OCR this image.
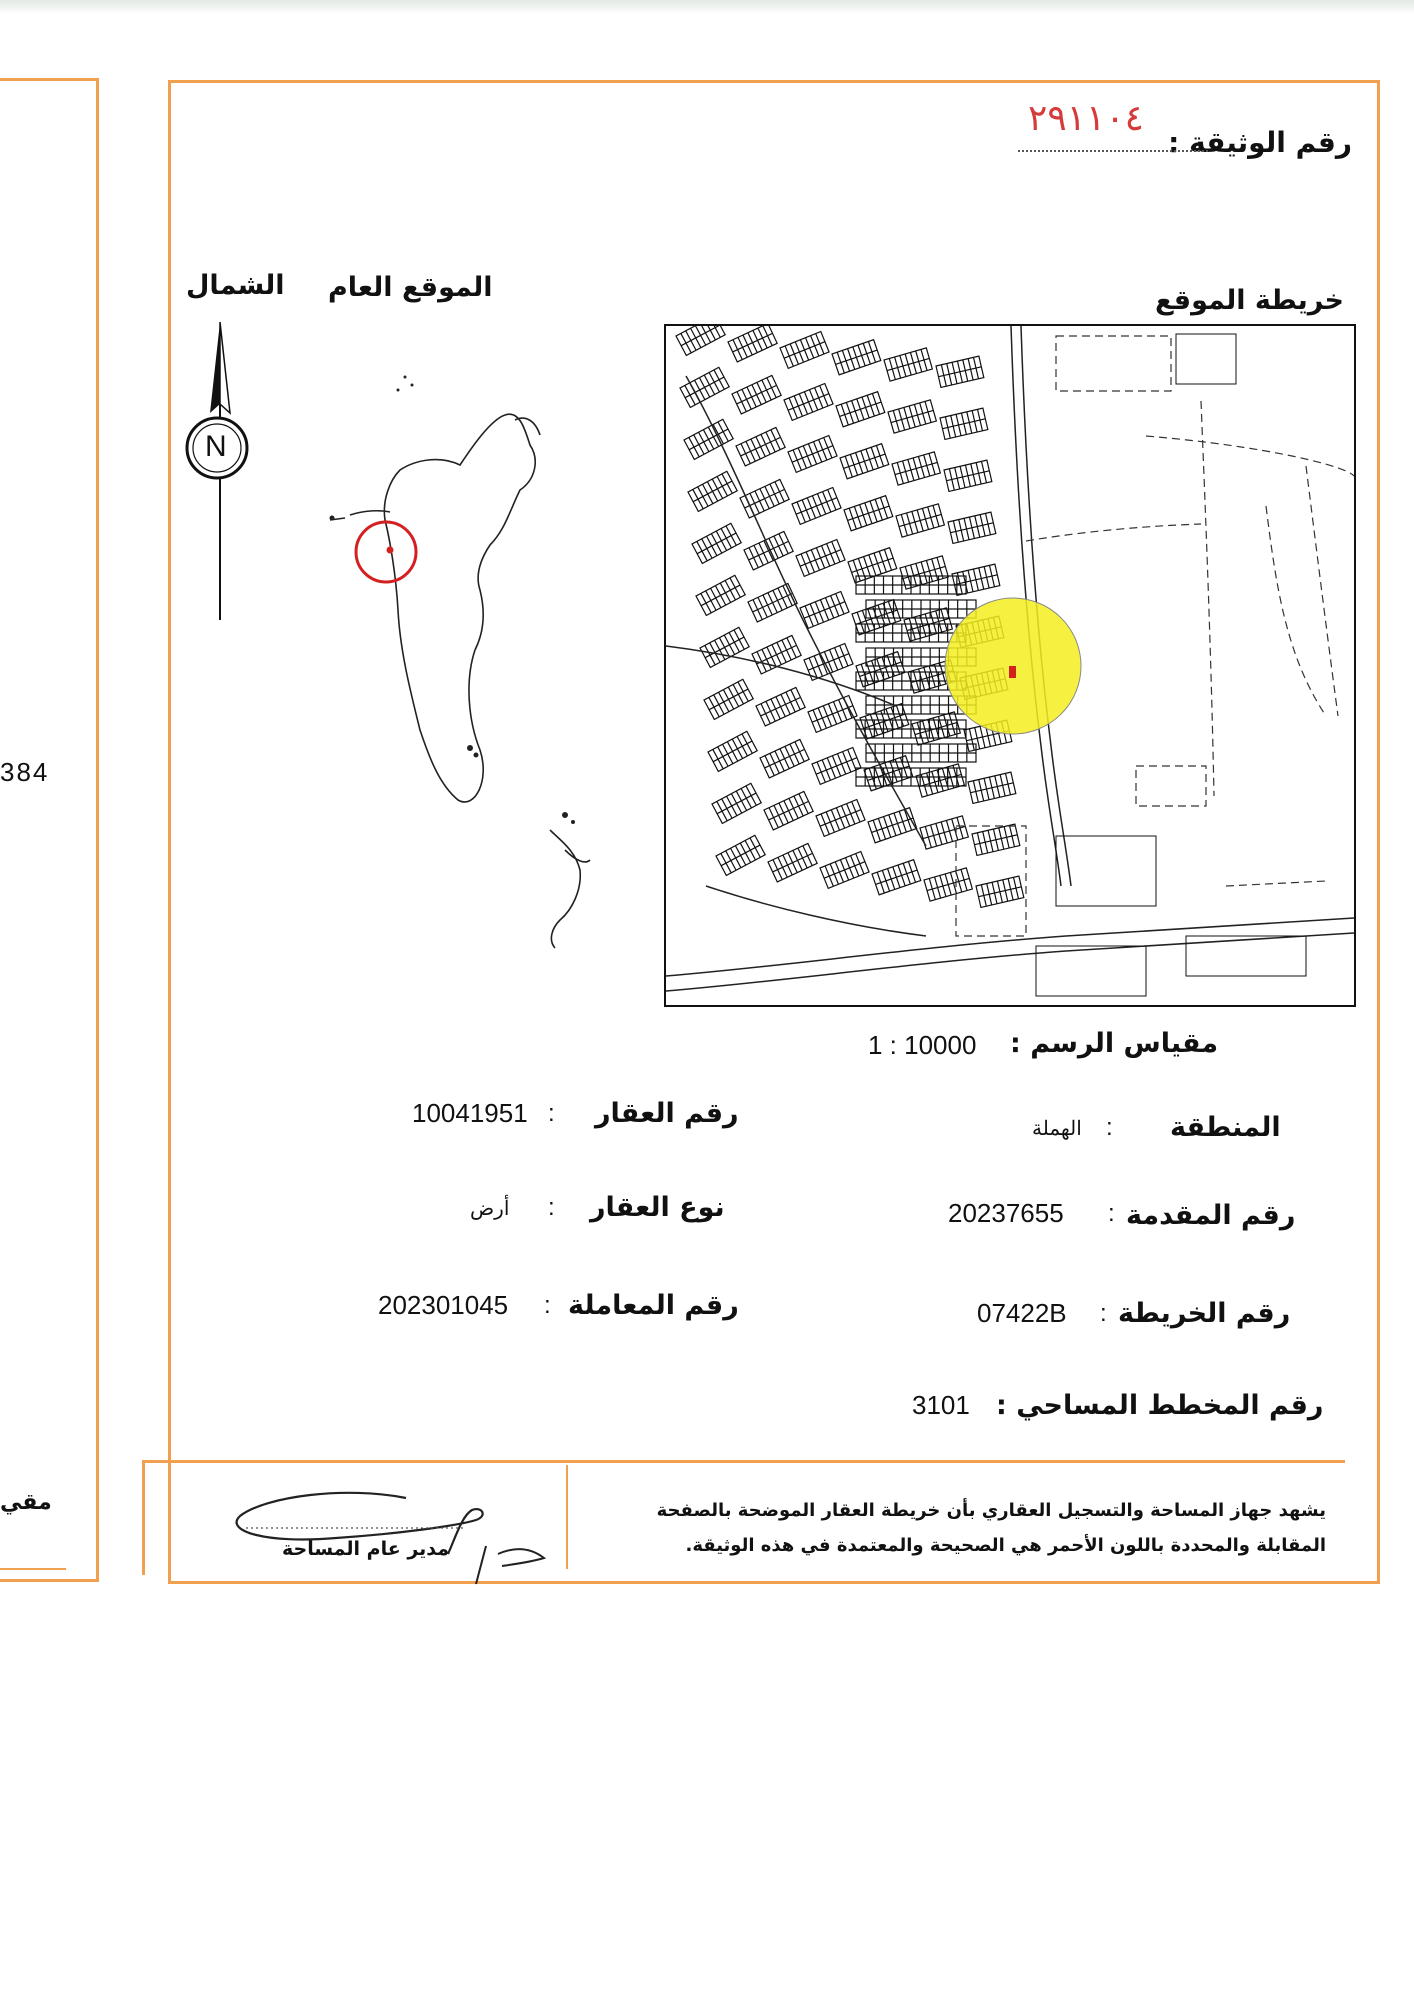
384
مقي
رقم الوثيقة :
٢٩١١٠٤
خريطة الموقع
الموقع العام
الشمال
N
مقياس الرسم :
1 : 10000
رقم العقار
:
10041951	المنطقة
:
الهملة
نوع العقار
:
أرض	رقم المقدمة
:
20237655
رقم المعاملة
:
202301045	رقم الخريطة
:
07422B
رقم المخطط المساحي :
3101
يشهد جهاز المساحة والتسجيل العقاري بأن خريطة العقار الموضحة بالصفحة
المقابلة والمحددة باللون الأحمر هي الصحيحة والمعتمدة في هذه الوثيقة.
مدير عام المساحة
